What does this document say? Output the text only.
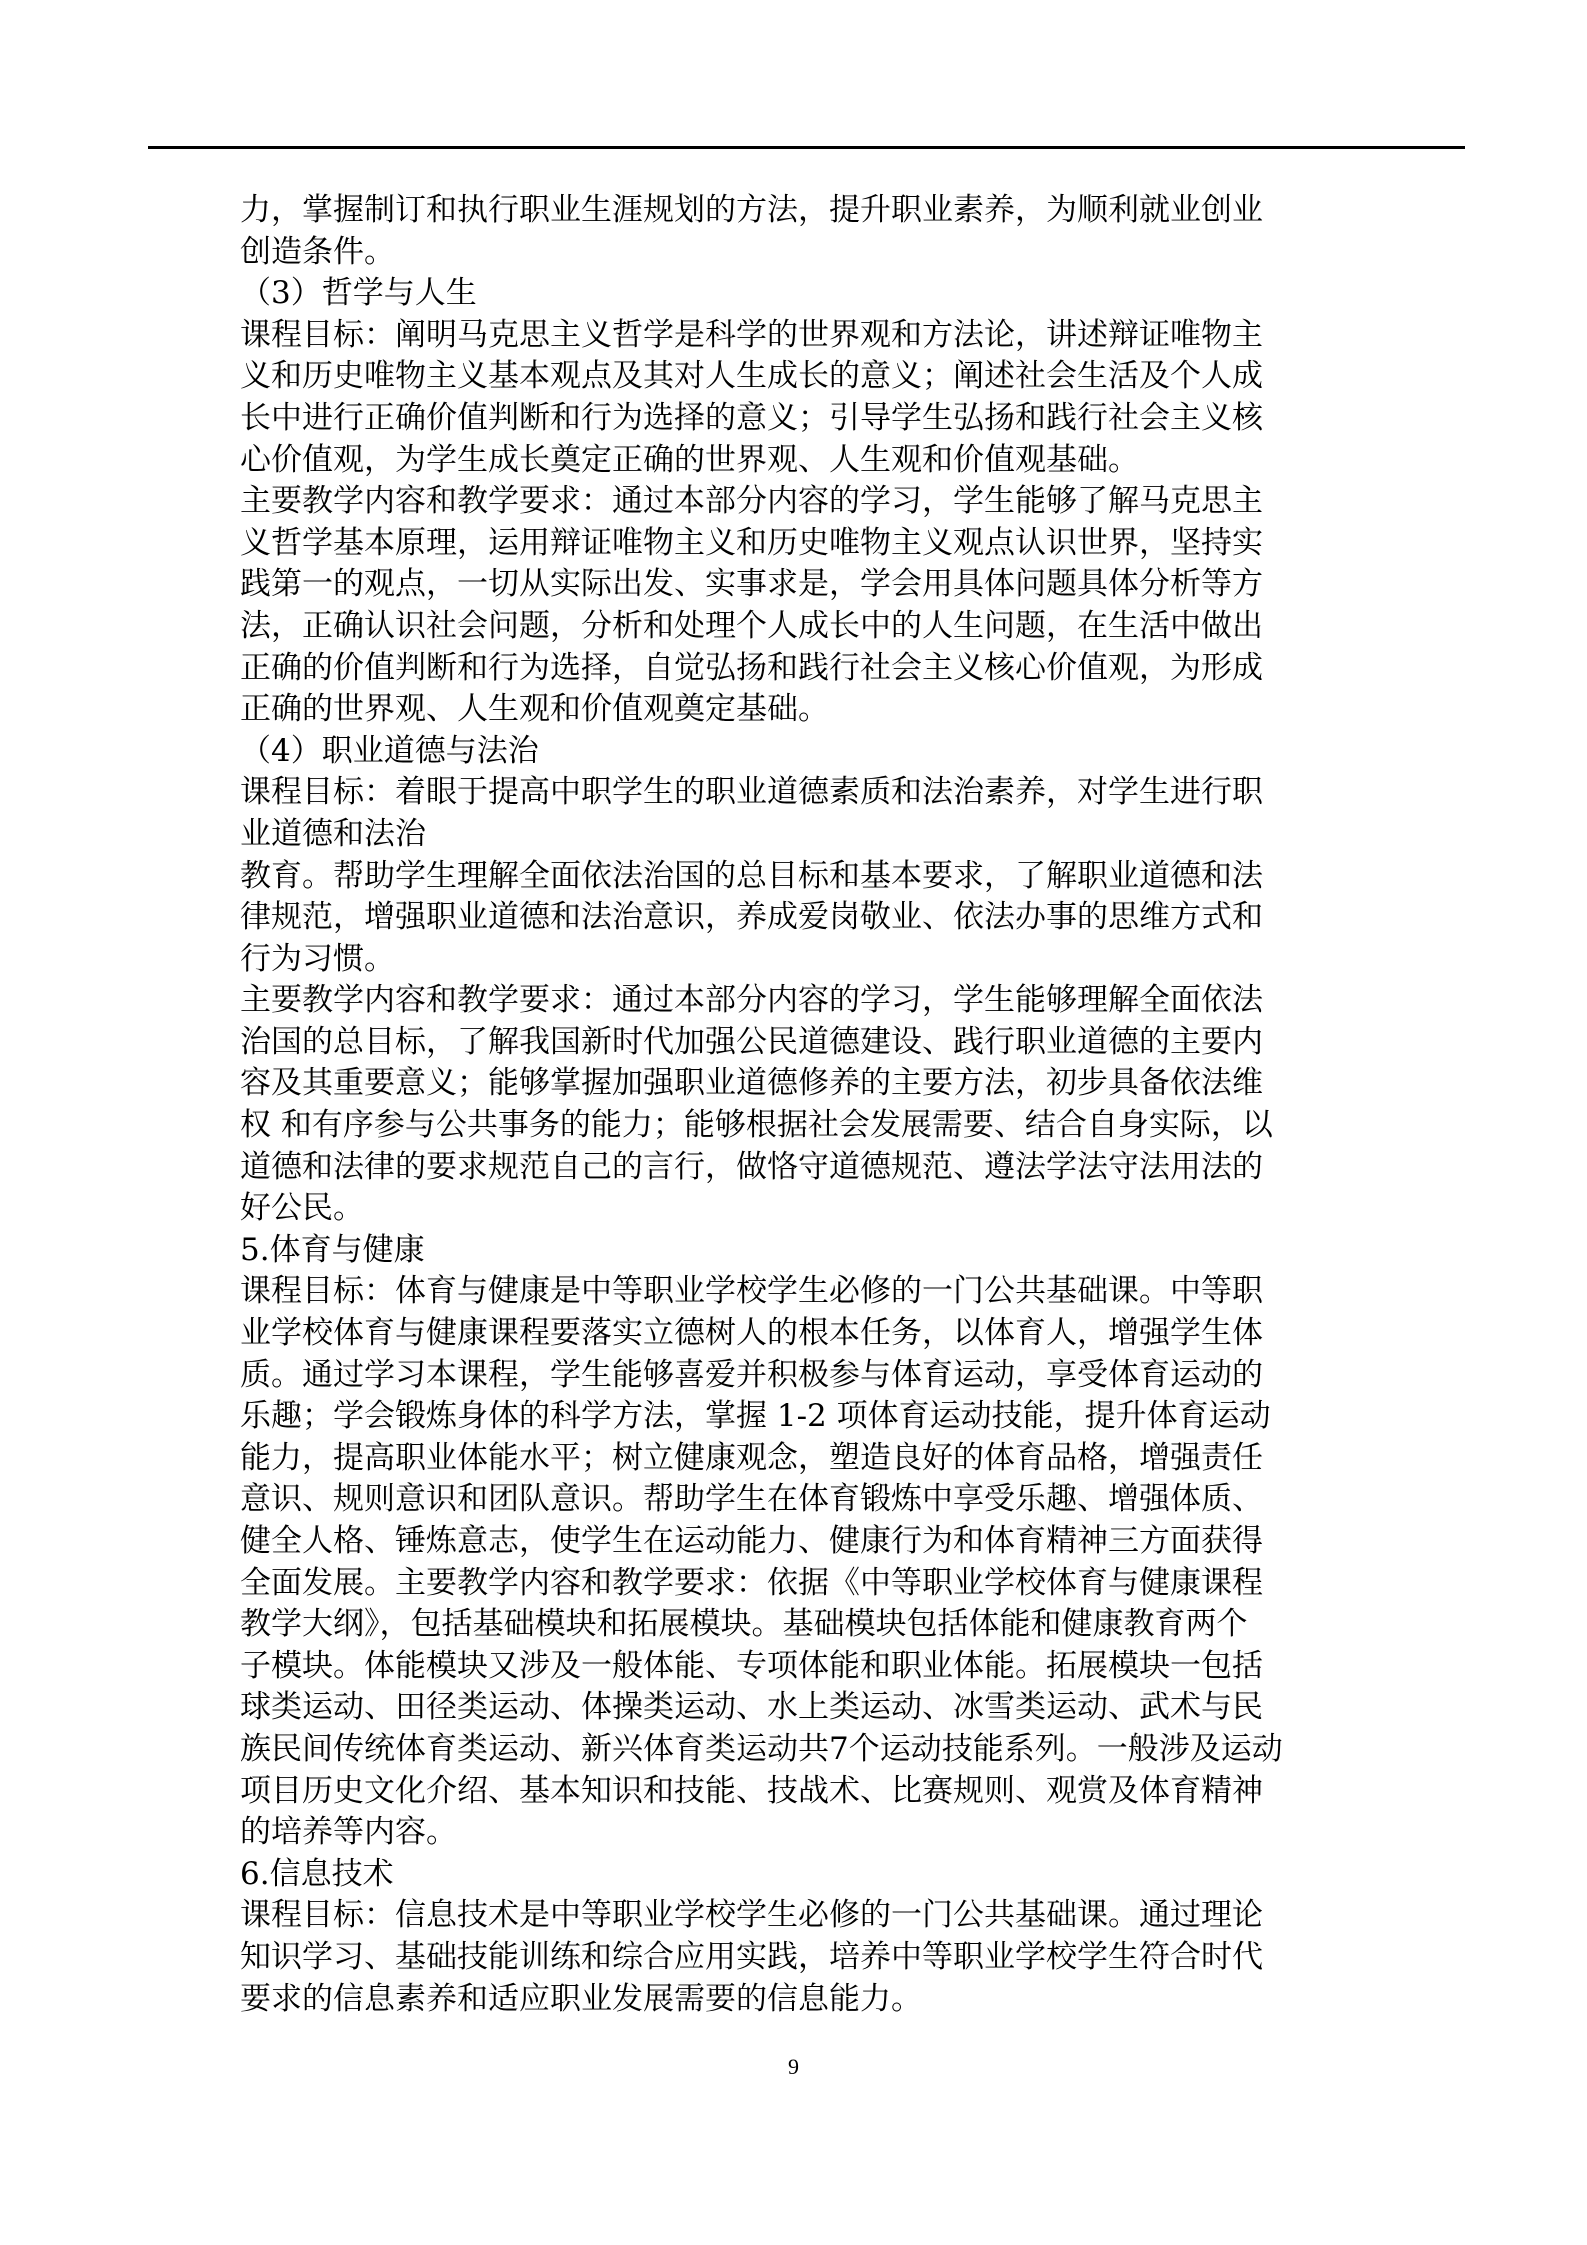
力，掌握制订和执行职业生涯规划的方法，提升职业素养，为顺利就业创业
创造条件。
（3）哲学与人生
课程目标：阐明马克思主义哲学是科学的世界观和方法论，讲述辩证唯物主
义和历史唯物主义基本观点及其对人生成长的意义；阐述社会生活及个人成
长中进行正确价值判断和行为选择的意义；引导学生弘扬和践行社会主义核
心价值观，为学生成长奠定正确的世界观、人生观和价值观基础。
主要教学内容和教学要求：通过本部分内容的学习，学生能够了解马克思主
义哲学基本原理，运用辩证唯物主义和历史唯物主义观点认识世界，坚持实
践第一的观点，一切从实际出发、实事求是，学会用具体问题具体分析等方
法，正确认识社会问题，分析和处理个人成长中的人生问题，在生活中做出
正确的价值判断和行为选择，自觉弘扬和践行社会主义核心价值观，为形成
正确的世界观、人生观和价值观奠定基础。
（4）职业道德与法治
课程目标：着眼于提高中职学生的职业道德素质和法治素养，对学生进行职
业道德和法治
教育。帮助学生理解全面依法治国的总目标和基本要求，了解职业道德和法
律规范，增强职业道德和法治意识，养成爱岗敬业、依法办事的思维方式和
行为习惯。
主要教学内容和教学要求：通过本部分内容的学习，学生能够理解全面依法
治国的总目标，了解我国新时代加强公民道德建设、践行职业道德的主要内
容及其重要意义；能够掌握加强职业道德修养的主要方法，初步具备依法维
权 和有序参与公共事务的能力；能够根据社会发展需要、结合自身实际，以
道德和法律的要求规范自己的言行，做恪守道德规范、遵法学法守法用法的
好公民。
5.体育与健康
课程目标：体育与健康是中等职业学校学生必修的一门公共基础课。中等职
业学校体育与健康课程要落实立德树人的根本任务，以体育人，增强学生体
质。通过学习本课程，学生能够喜爱并积极参与体育运动，享受体育运动的
乐趣；学会锻炼身体的科学方法，掌握 1-2 项体育运动技能，提升体育运动
能力，提高职业体能水平；树立健康观念，塑造良好的体育品格，增强责任
意识、规则意识和团队意识。帮助学生在体育锻炼中享受乐趣、增强体质、
健全人格、锤炼意志，使学生在运动能力、健康行为和体育精神三方面获得
全面发展。主要教学内容和教学要求：依据《中等职业学校体育与健康课程
教学大纲》，包括基础模块和拓展模块。基础模块包括体能和健康教育两个
子模块。体能模块又涉及一般体能、专项体能和职业体能。拓展模块一包括
球类运动、田径类运动、体操类运动、水上类运动、冰雪类运动、武术与民
族民间传统体育类运动、新兴体育类运动共7个运动技能系列。一般涉及运动
项目历史文化介绍、基本知识和技能、技战术、比赛规则、观赏及体育精神
的培养等内容。
6.信息技术
课程目标：信息技术是中等职业学校学生必修的一门公共基础课。通过理论
知识学习、基础技能训练和综合应用实践，培养中等职业学校学生符合时代
要求的信息素养和适应职业发展需要的信息能力。
9
